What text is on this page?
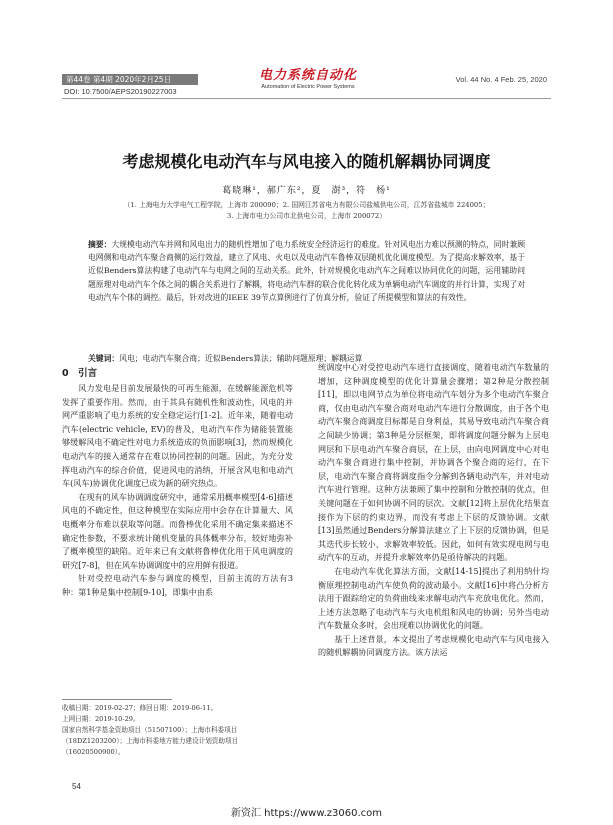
第44卷 第4期 2020年2月25日	电力系统自动化
Automation of Electric Power Systems
Vol. 44 No. 4 Feb. 25, 2020
DOI: 10.7500/AEPS20190227003
考虑规模化电动汽车与风电接入的随机解耦协同调度
葛晓琳¹，郝广东²，夏　澍³，符　杨¹
（1. 上海电力大学电气工程学院，上海市 200090；2. 国网江苏省电力有限公司盐城供电公司，江苏省盐城市 224005；
3. 上海市电力公司市北供电公司，上海市 200072）
摘要：大规模电动汽车并网和风电出力的随机性增加了电力系统安全经济运行的难度。针对风电出力难以预测的特点，同时兼顾电网侧和电动汽车聚合商侧的运行效益，建立了风电、火电以及电动汽车鲁棒双层随机优化调度模型。为了提高求解效率，基于近似Benders算法构建了电动汽车与电网之间的互动关系。此外，针对规模化电动汽车之间难以协同优化的问题，运用辅助问题原理对电动汽车个体之间的耦合关系进行了解耦，将电动汽车群的联合优化转化成为单辆电动汽车调度的并行计算，实现了对电动汽车个体的调控。最后，针对改进的IEEE 39节点算例进行了仿真分析，验证了所提模型和算法的有效性。
关键词：风电；电动汽车聚合商；近似Benders算法；辅助问题原理；解耦运算

0　引言

风力发电是目前发展最快的可再生能源，在缓解能源危机等发挥了重要作用。然而，由于其具有随机性和波动性，风电的并网严重影响了电力系统的安全稳定运行[1-2]。近年来，随着电动汽车(electric vehicle, EV)的普及，电动汽车作为储能装置能够缓解风电不确定性对电力系统造成的负面影响[3]，然而规模化电动汽车的接入通常存在难以协同控制的问题。因此，为充分发挥电动汽车的综合价值，促进风电的消纳，开展含风电和电动汽车(风车)协调优化调度已成为新的研究热点。

在现有的风车协调调度研究中，通常采用概率模型[4-6]描述风电的不确定性，但这种模型在实际应用中会存在计算量大、风电概率分布难以获取等问题。而鲁棒优化采用不确定集来描述不确定性参数，不要求统计随机变量的具体概率分布，较好地弥补了概率模型的缺陷。近年来已有文献将鲁棒优化用于风电调度的研究[7-8]，但在风车协调调度中的应用鲜有报道。

针对受控电动汽车参与调度的模型，目前主流的方法有3种：第1种是集中控制[9-10]，即集中由系

统调度中心对受控电动汽车进行直接调度，随着电动汽车数量的增加，这种调度模型的优化计算量会骤增；第2种是分散控制[11]，即以电网节点为单位将电动汽车划分为多个电动汽车聚合商，仅由电动汽车聚合商对电动汽车进行分散调度，由于各个电动汽车聚合商调度目标都是自身利益，其易导致电动汽车聚合商之间缺少协调；第3种是分层框架，即将调度问题分解为上层电网层和下层电动汽车聚合商层，在上层，由向电网调度中心对电动汽车聚合商进行集中控制，并协调各个聚合商的运行，在下层，电动汽车聚合商将调度指令分解到各辆电动汽车，并对电动汽车进行管理。这种方法兼顾了集中控制和分散控制的优点，但关键问题在于如何协调不同的层次。文献[12]将上层优化结果直接作为下层的约束边界，而没有考虑上下层的反馈协调。文献[13]虽然通过Benders分解算法建立了上下层的反馈协调，但是其迭代步长较小、求解效率较低。因此，如何有效实现电网与电动汽车的互动，并提升求解效率仍是亟待解决的问题。

在电动汽车优化算法方面，文献[14-15]提出了利用纳什均衡原理控制电动汽车使负荷的波动最小。文献[16]中将凸分析方法用于跟踪给定的负荷曲线来求解电动汽车充放电优化。然而，上述方法忽略了电动汽车与火电机组和风电的协调；另外当电动汽车数量众多时，会出现难以协调优化的问题。

基于上述背景，本文提出了考虑规模化电动汽车与风电接入的随机解耦协同调度方法。该方法运

收稿日期：2019-02-27；修回日期：2019-06-11。
上网日期：2019-10-29。
国家自然科学基金资助项目（51507100）；上海市科委项目
（18DZ1203200）；上海市科委地方能力建设计划资助项目
（16020500900）。
54
新资汇 https://www.z3060.com
